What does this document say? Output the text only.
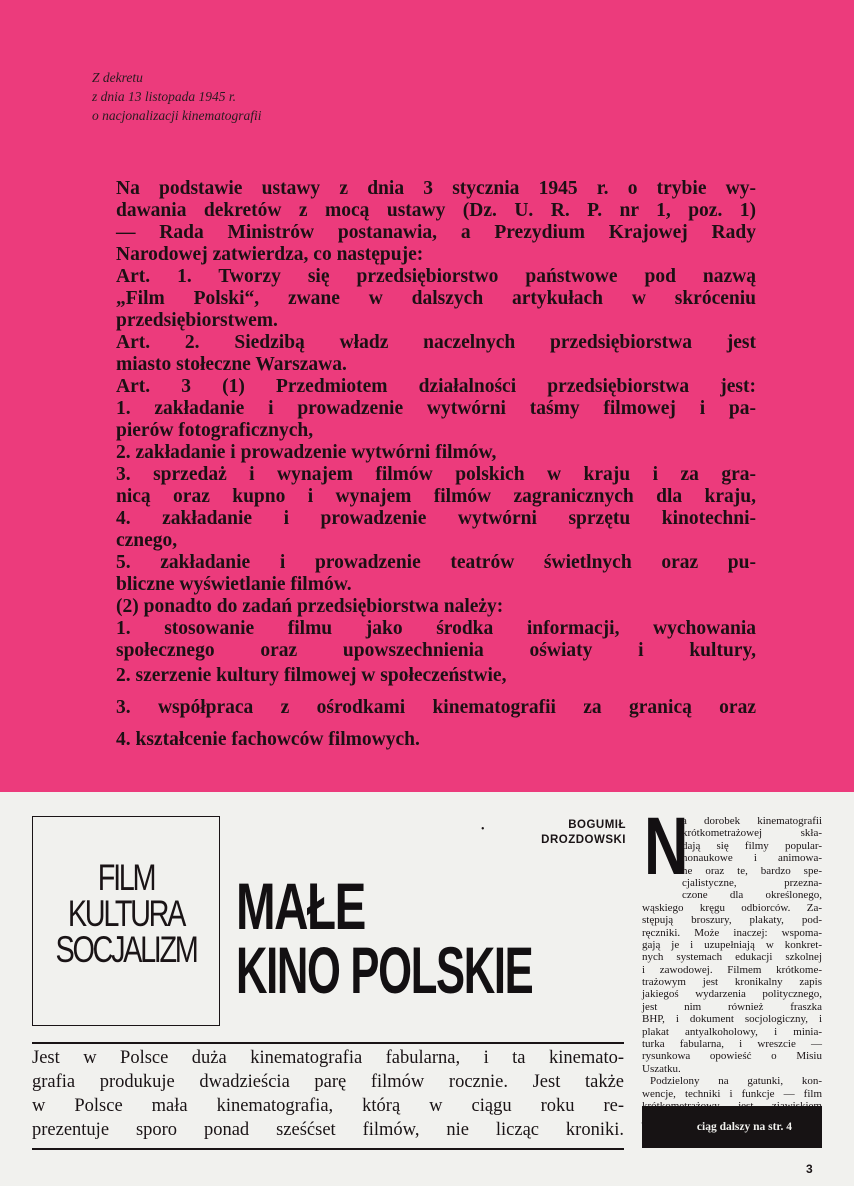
Z dekretu
z dnia 13 listopada 1945 r.
o nacjonalizacji kinematografii
Na podstawie ustawy z dnia 3 stycznia 1945 r. o trybie wy-
dawania dekretów z mocą ustawy (Dz. U. R. P. nr 1, poz. 1)
— Rada Ministrów postanawia, a Prezydium Krajowej Rady
Narodowej zatwierdza, co następuje:
Art. 1. Tworzy się przedsiębiorstwo państwowe pod nazwą
„Film Polski“, zwane w dalszych artykułach w skróceniu
przedsiębiorstwem.
Art. 2. Siedzibą władz naczelnych przedsiębiorstwa jest
miasto stołeczne Warszawa.
Art. 3 (1) Przedmiotem działalności przedsiębiorstwa jest:
1. zakładanie i prowadzenie wytwórni taśmy filmowej i pa-
pierów fotograficznych,
2. zakładanie i prowadzenie wytwórni filmów,
3. sprzedaż i wynajem filmów polskich w kraju i za gra-
nicą oraz kupno i wynajem filmów zagranicznych dla kraju,
4. zakładanie i prowadzenie wytwórni sprzętu kinotechni-
cznego,
5. zakładanie i prowadzenie teatrów świetlnych oraz pu-
bliczne wyświetlanie filmów.
(2) ponadto do zadań przedsiębiorstwa należy:
1. stosowanie filmu jako środka informacji, wychowania
społecznego oraz upowszechnienia oświaty i kultury,
2. szerzenie kultury filmowej w społeczeństwie,
3. współpraca z ośrodkami kinematografii za granicą oraz
4. kształcenie fachowców filmowych.
FILM
KULTURA
SOCJALIZM
•	BOGUMIŁ
DROZDOWSKI
MAŁE
KINO POLSKIE
Jest w Polsce duża kinematografia fabularna, i ta kinemato-
grafia produkuje dwadzieścia parę filmów rocznie. Jest także
w Polsce mała kinematografia, którą w ciągu roku re-
prezentuje sporo ponad sześćset filmów, nie licząc kroniki.
N
a dorobek kinematografii
krótkometrażowej skła-
dają się filmy popular-
nonaukowe i animowa-
ne oraz te, bardzo spe-
cjalistyczne, przezna-
czone dla określonego,
wąskiego kręgu odbiorców. Za-
stępują broszury, plakaty, pod-
ręczniki. Może inaczej: wspoma-
gają je i uzupełniają w konkret-
nych systemach edukacji szkolnej
i zawodowej. Filmem krótkome-
trażowym jest kronikalny zapis
jakiegoś wydarzenia politycznego,
jest nim również fraszka
BHP, i dokument socjologiczny, i
plakat antyalkoholowy, i minia-
turka fabularna, i wreszcie —
rysunkowa opowieść o Misiu
Uszatku.
Podzielony na gatunki, kon-
wencje, techniki i funkcje — film
ciąg dalszy na str. 4
3
